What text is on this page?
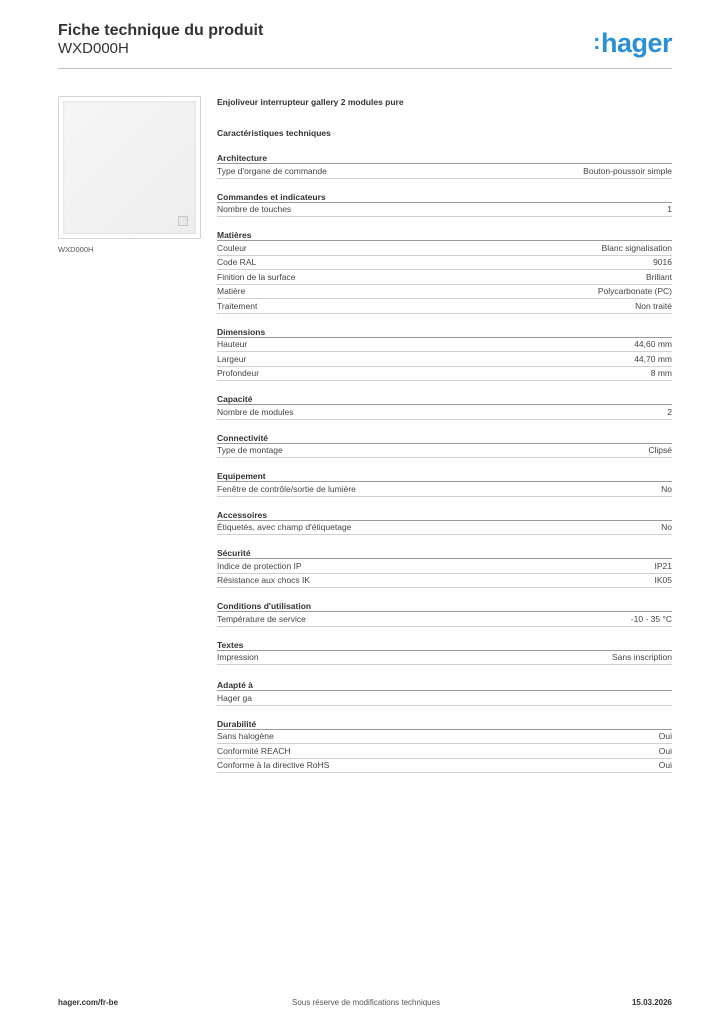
Fiche technique du produit
WXD000H	:hager
WXD000H
Enjoliveur interrupteur gallery 2 modules pure
Caractéristiques techniques
Architecture
Type d'organe de commande	Bouton-poussoir simple
Commandes et indicateurs
Nombre de touches	1
Matières
Couleur	Blanc signalisation
Code RAL	9016
Finition de la surface	Brillant
Matière	Polycarbonate (PC)
Traitement	Non traité
Dimensions
Hauteur	44,60 mm
Largeur	44,70 mm
Profondeur	8 mm
Capacité
Nombre de modules	2
Connectivité
Type de montage	Clipsé
Equipement
Fenêtre de contrôle/sortie de lumière	No
Accessoires
Étiquetés, avec champ d'étiquetage	No
Sécurité
Indice de protection IP	IP21
Résistance aux chocs IK	IK05
Conditions d'utilisation
Température de service	-10 - 35 °C
Textes
Impression	Sans inscription
Adapté à
Hager ga
Durabilité
Sans halogène	Oui
Conformité REACH	Oui
Conforme à la directive RoHS	Oui
hager.com/fr-be	Sous réserve de modifications techniques	15.03.2026
